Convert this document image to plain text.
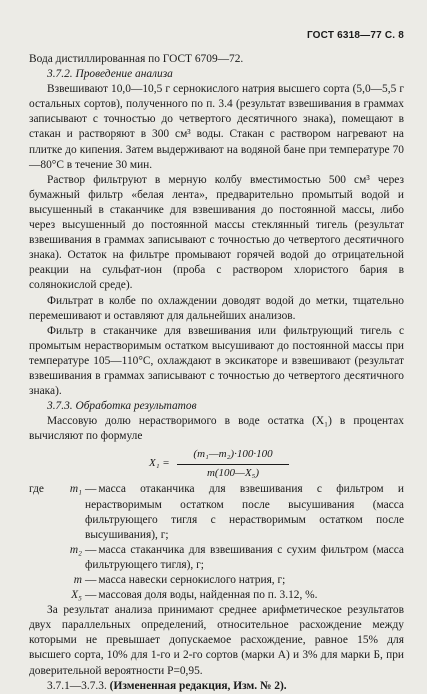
ГОСТ 6318—77 С. 8

Вода дистиллированная по ГОСТ 6709—72.

3.7.2. Проведение анализа

Взвешивают 10,0—10,5 г сернокислого натрия высшего сорта (5,0—5,5 г остальных сортов), полученного по п. 3.4 (результат взвешивания в граммах записывают с точностью до четвертого десятичного знака), помещают в стакан и растворяют в 300 см³ воды. Стакан с раствором нагревают на плитке до кипения. Затем выдерживают на водяной бане при температуре 70—80°C в течение 30 мин.

Раствор фильтруют в мерную колбу вместимостью 500 см³ через бумажный фильтр «белая лента», предварительно промытый водой и высушенный в стаканчике для взвешивания до постоянной массы, либо через высушенный до постоянной массы стеклянный тигель (результат взвешивания в граммах записывают с точностью до четвертого десятичного знака). Остаток на фильтре промывают горячей водой до отрицательной реакции на сульфат-ион (проба с раствором хлористого бария в солянокислой среде).

Фильтрат в колбе по охлаждении доводят водой до метки, тщательно перемешивают и оставляют для дальнейших анализов.

Фильтр в стаканчике для взвешивания или фильтрующий тигель с промытым нерастворимым остатком высушивают до постоянной массы при температуре 105—110°C, охлаждают в эксикаторе и взвешивают (результат взвешивания в граммах записывают с точностью до четвертого десятичного знака).

3.7.3. Обработка результатов

Массовую долю нерастворимого в воде остатка (X₁) в процентах вычисляют по формуле

$X_1 = \frac{\text{(m₁—m₂)·100·100}}{\text{m(100—X₅)}}$
где	m₁ — масса отаканчика для взвешивания с фильтром и нерастворимым остатком после высушивания (масса фильтрующего тигля с нерастворимым остатком после высушивания), г;
m₂ — масса стаканчика для взвешивания с сухим фильтром (масса фильтрующего тигля), г;
m — масса навески сернокислого натрия, г;
X₅ — массовая доля воды, найденная по п. 3.12, %.

За результат анализа принимают среднее арифметическое результатов двух параллельных определений, относительное расхождение между которыми не превышает допускаемое расхождение, равное 15% для высшего сорта, 10% для 1-го и 2-го сортов (марки А) и 3% для марки Б, при доверительной вероятности P=0,95.

3.7.1—3.7.3. (Измененная редакция, Изм. № 2).
